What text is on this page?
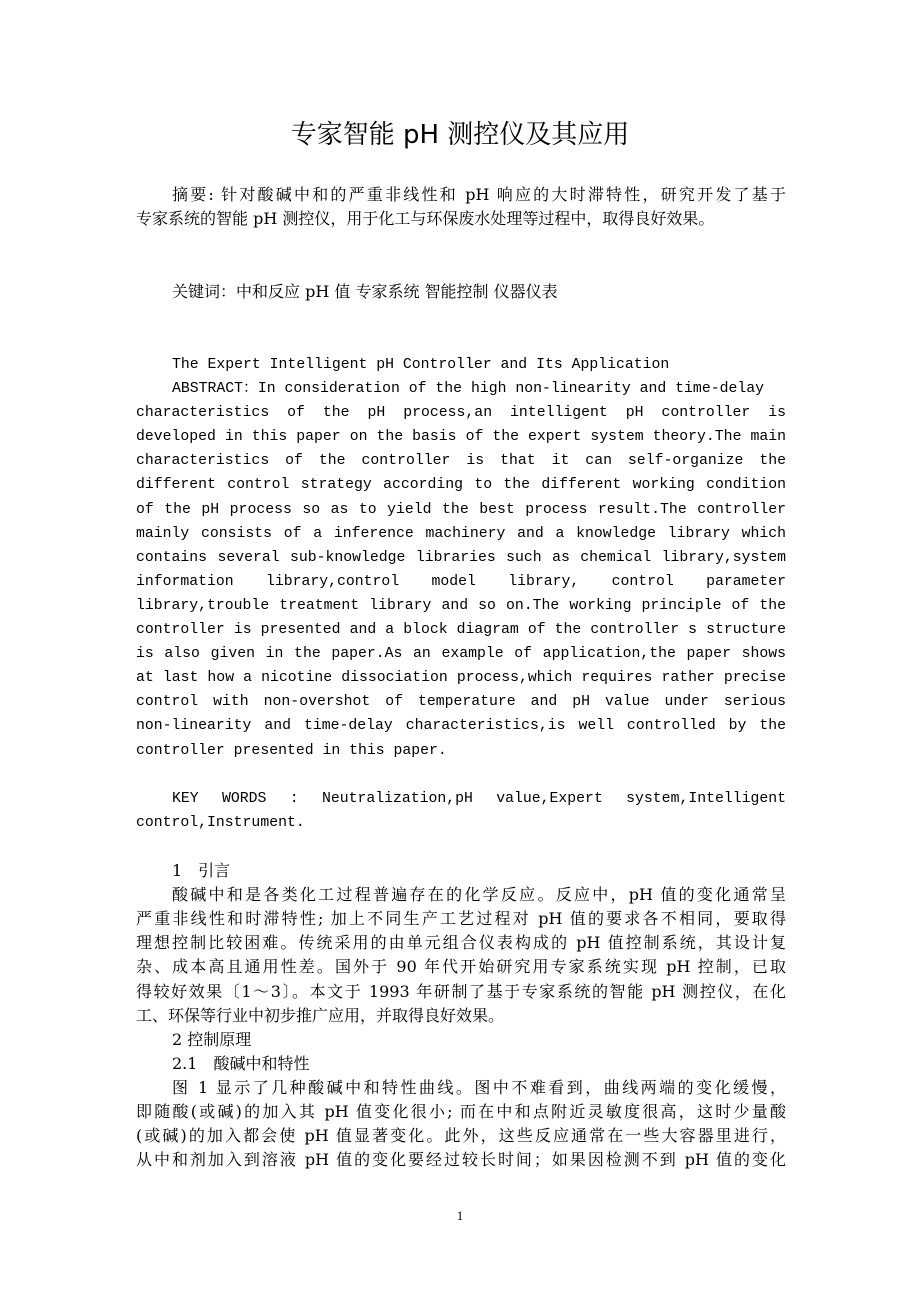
专家智能 pH 测控仪及其应用
摘要: 针对酸碱中和的严重非线性和 pH 响应的大时滞特性，研究开发了基于
专家系统的智能 pH 测控仪，用于化工与环保废水处理等过程中，取得良好效果。
关键词：中和反应 pH 值 专家系统 智能控制 仪器仪表
The Expert Intelligent pH Controller and Its Application
ABSTRACT：In consideration of the high non-linearity and time-delay
characteristics of the pH process,an intelligent pH controller is
developed in this paper on the basis of the expert system theory.The main
characteristics of the controller is that it can self-organize the
different control strategy according to the different working condition
of the pH process so as to yield the best process result.The controller
mainly consists of a inference machinery and a knowledge library which
contains several sub-knowledge libraries such as chemical library,system
information library,control model library, control parameter
library,trouble treatment library and so on.The working principle of the
controller is presented and a block diagram of the controller s structure
is also given in the paper.As an example of application,the paper shows
at last how a nicotine dissociation process,which requires rather precise
control with non-overshot of temperature and pH value under serious
non-linearity and time-delay characteristics,is well controlled by the
controller presented in this paper.
KEY WORDS : Neutralization,pH value,Expert system,Intelligent
control,Instrument.
1　引言
酸碱中和是各类化工过程普遍存在的化学反应。反应中，pH 值的变化通常呈
严重非线性和时滞特性; 加上不同生产工艺过程对 pH 值的要求各不相同，要取得
理想控制比较困难。传统采用的由单元组合仪表构成的 pH 值控制系统，其设计复
杂、成本高且通用性差。国外于 90 年代开始研究用专家系统实现 pH 控制，已取
得较好效果〔1～3〕。本文于 1993 年研制了基于专家系统的智能 pH 测控仪，在化
工、环保等行业中初步推广应用，并取得良好效果。
2 控制原理
2.1　酸碱中和特性
图 1 显示了几种酸碱中和特性曲线。图中不难看到，曲线两端的变化缓慢，
即随酸(或碱)的加入其 pH 值变化很小; 而在中和点附近灵敏度很高，这时少量酸
(或碱)的加入都会使 pH 值显著变化。此外，这些反应通常在一些大容器里进行，
从中和剂加入到溶液 pH 值的变化要经过较长时间；如果因检测不到 pH 值的变化
1
